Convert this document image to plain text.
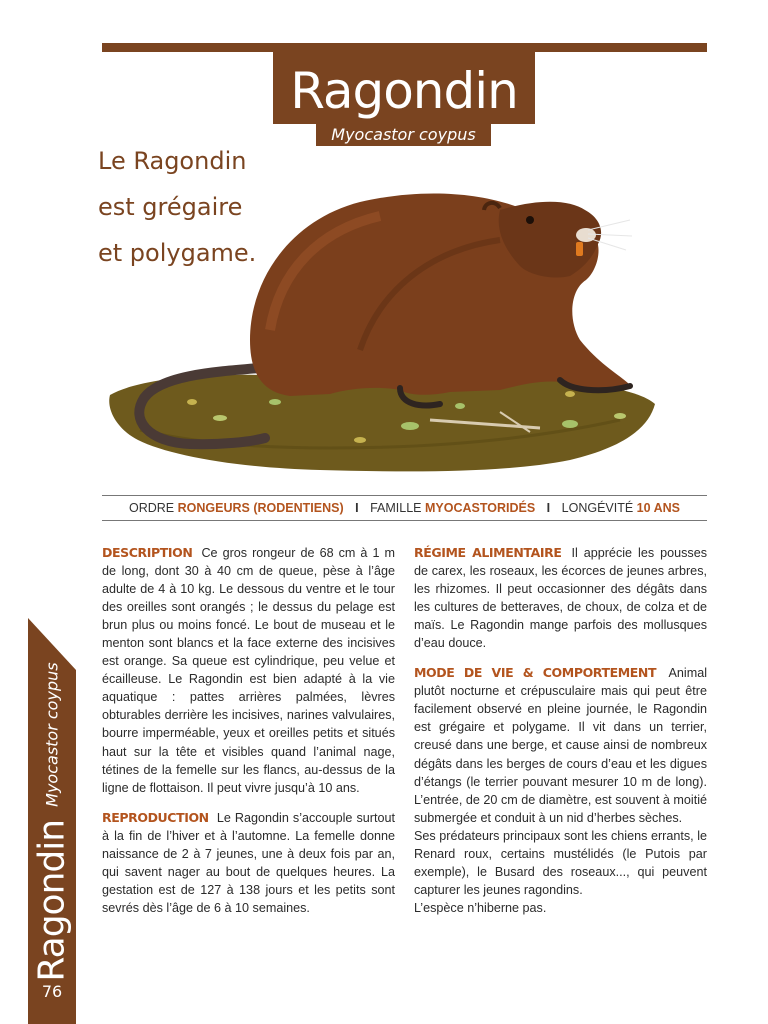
Ragondin
Myocastor coypus
Le Ragondin
est grégaire
et polygame.
ORDRE RONGEURS (RODENTIENS) I FAMILLE MYOCASTORIDÉS I LONGÉVITÉ 10 ANS

DESCRIPTION Ce gros rongeur de 68 cm à 1 m de long, dont 30 à 40 cm de queue, pèse à l’âge adulte de 4 à 10 kg. Le dessous du ventre et le tour des oreilles sont orangés ; le dessus du pelage est brun plus ou moins foncé. Le bout de museau et le menton sont blancs et la face externe des incisives est orange. Sa queue est cylindrique, peu velue et écailleuse. Le Ragondin est bien adapté à la vie aquatique : pattes arrières palmées, lèvres obturables derrière les incisives, narines valvulaires, bourre imperméable, yeux et oreilles petits et situés haut sur la tête et visibles quand l’animal nage, tétines de la femelle sur les flancs, au-dessus de la ligne de flottaison. Il peut vivre jusqu’à 10 ans.

REPRODUCTION Le Ragondin s’accouple surtout à la fin de l’hiver et à l’automne. La femelle donne naissance de 2 à 7 jeunes, une à deux fois par an, qui savent nager au bout de quelques heures. La gestation est de 127 à 138 jours et les petits sont sevrés dès l’âge de 6 à 10 semaines.

RÉGIME ALIMENTAIRE Il apprécie les pousses de carex, les roseaux, les écorces de jeunes arbres, les rhizomes. Il peut occasionner des dégâts dans les cultures de betteraves, de choux, de colza et de maïs. Le Ragondin mange parfois des mollusques d’eau douce.

MODE DE VIE & COMPORTEMENT Animal plutôt nocturne et crépusculaire mais qui peut être facilement observé en pleine journée, le Ragondin est grégaire et polygame. Il vit dans un terrier, creusé dans une berge, et cause ainsi de nombreux dégâts dans les berges de cours d’eau et les digues d’étangs (le terrier pouvant mesurer 10 m de long). L’entrée, de 20 cm de diamètre, est souvent à moitié submergée et conduit à un nid d’herbes sèches.

Ses prédateurs principaux sont les chiens errants, le Renard roux, certains mustélidés (le Putois par exemple), le Busard des roseaux..., qui peuvent capturer les jeunes ragondins.

L’espèce n’hiberne pas.

Ragondin Myocastor coypus
76
